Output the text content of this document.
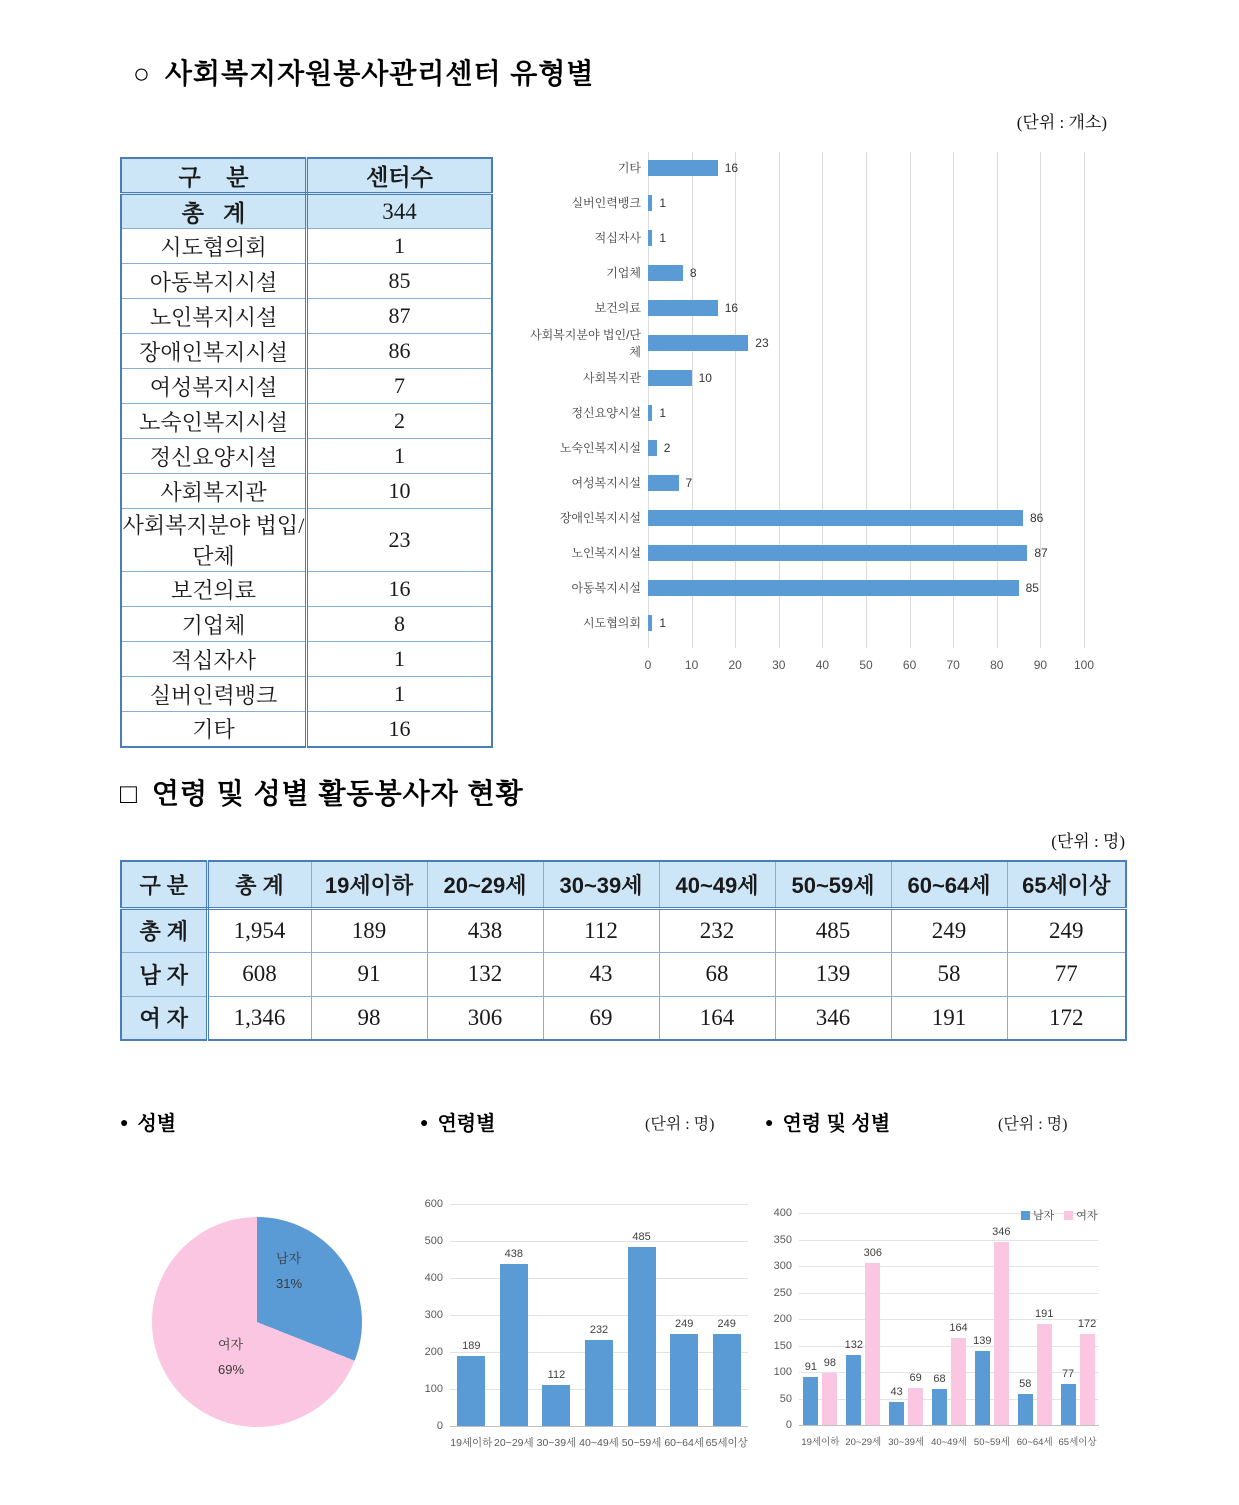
○ 사회복지자원봉사관리센터 유형별
(단위 : 개소)
구    분	센터수
총   계	344
시도협의회	1
아동복지시설	85
노인복지시설	87
장애인복지시설	86
여성복지시설	7
노숙인복지시설	2
정신요양시설	1
사회복지관	10
사회복지분야 법입/단체	23
보건의료	16
기업체	8
적십자사	1
실버인력뱅크	1
기타	16
기타	16
실버인력뱅크	1
적십자사	1
기업체	8
보건의료	16
사회복지분야 법인/단체
23
사회복지관	10
정신요양시설	1
노숙인복지시설	2
여성복지시설	7
장애인복지시설	86
노인복지시설	87
아동복지시설	85
시도협의회	1
0	10	20	30	40	50	60	70	80	90 100
□ 연령 및 성별 활동봉사자 현황
(단위 : 명)
구 분	총 계	19세이하	20~29세	30~39세	40~49세	50~59세	60~64세	65세이상
총 계	1,954	189	438	112	232	485	249	249
남 자	608	91	132	43	68	139	58	77
여 자	1,346	98	306	69	164	346	191	172
● 성별	● 연령별	(단위 : 명)	● 연령 및 성별	(단위 : 명)
남자
31%
여자
69%
0
100
200
300
400
500
600
189
19세이하
438
20~29세
112
30~39세
232
40~49세
485
50~59세
249
60~64세
249
65세이상
0
50
100
150
200
250
300
350
400
91 98
19세이하
132
306
20~29세
43
69
30~39세
68
164
40~49세
139
346
50~59세
58
191
60~64세
77
172
65세이상
남자 여자
